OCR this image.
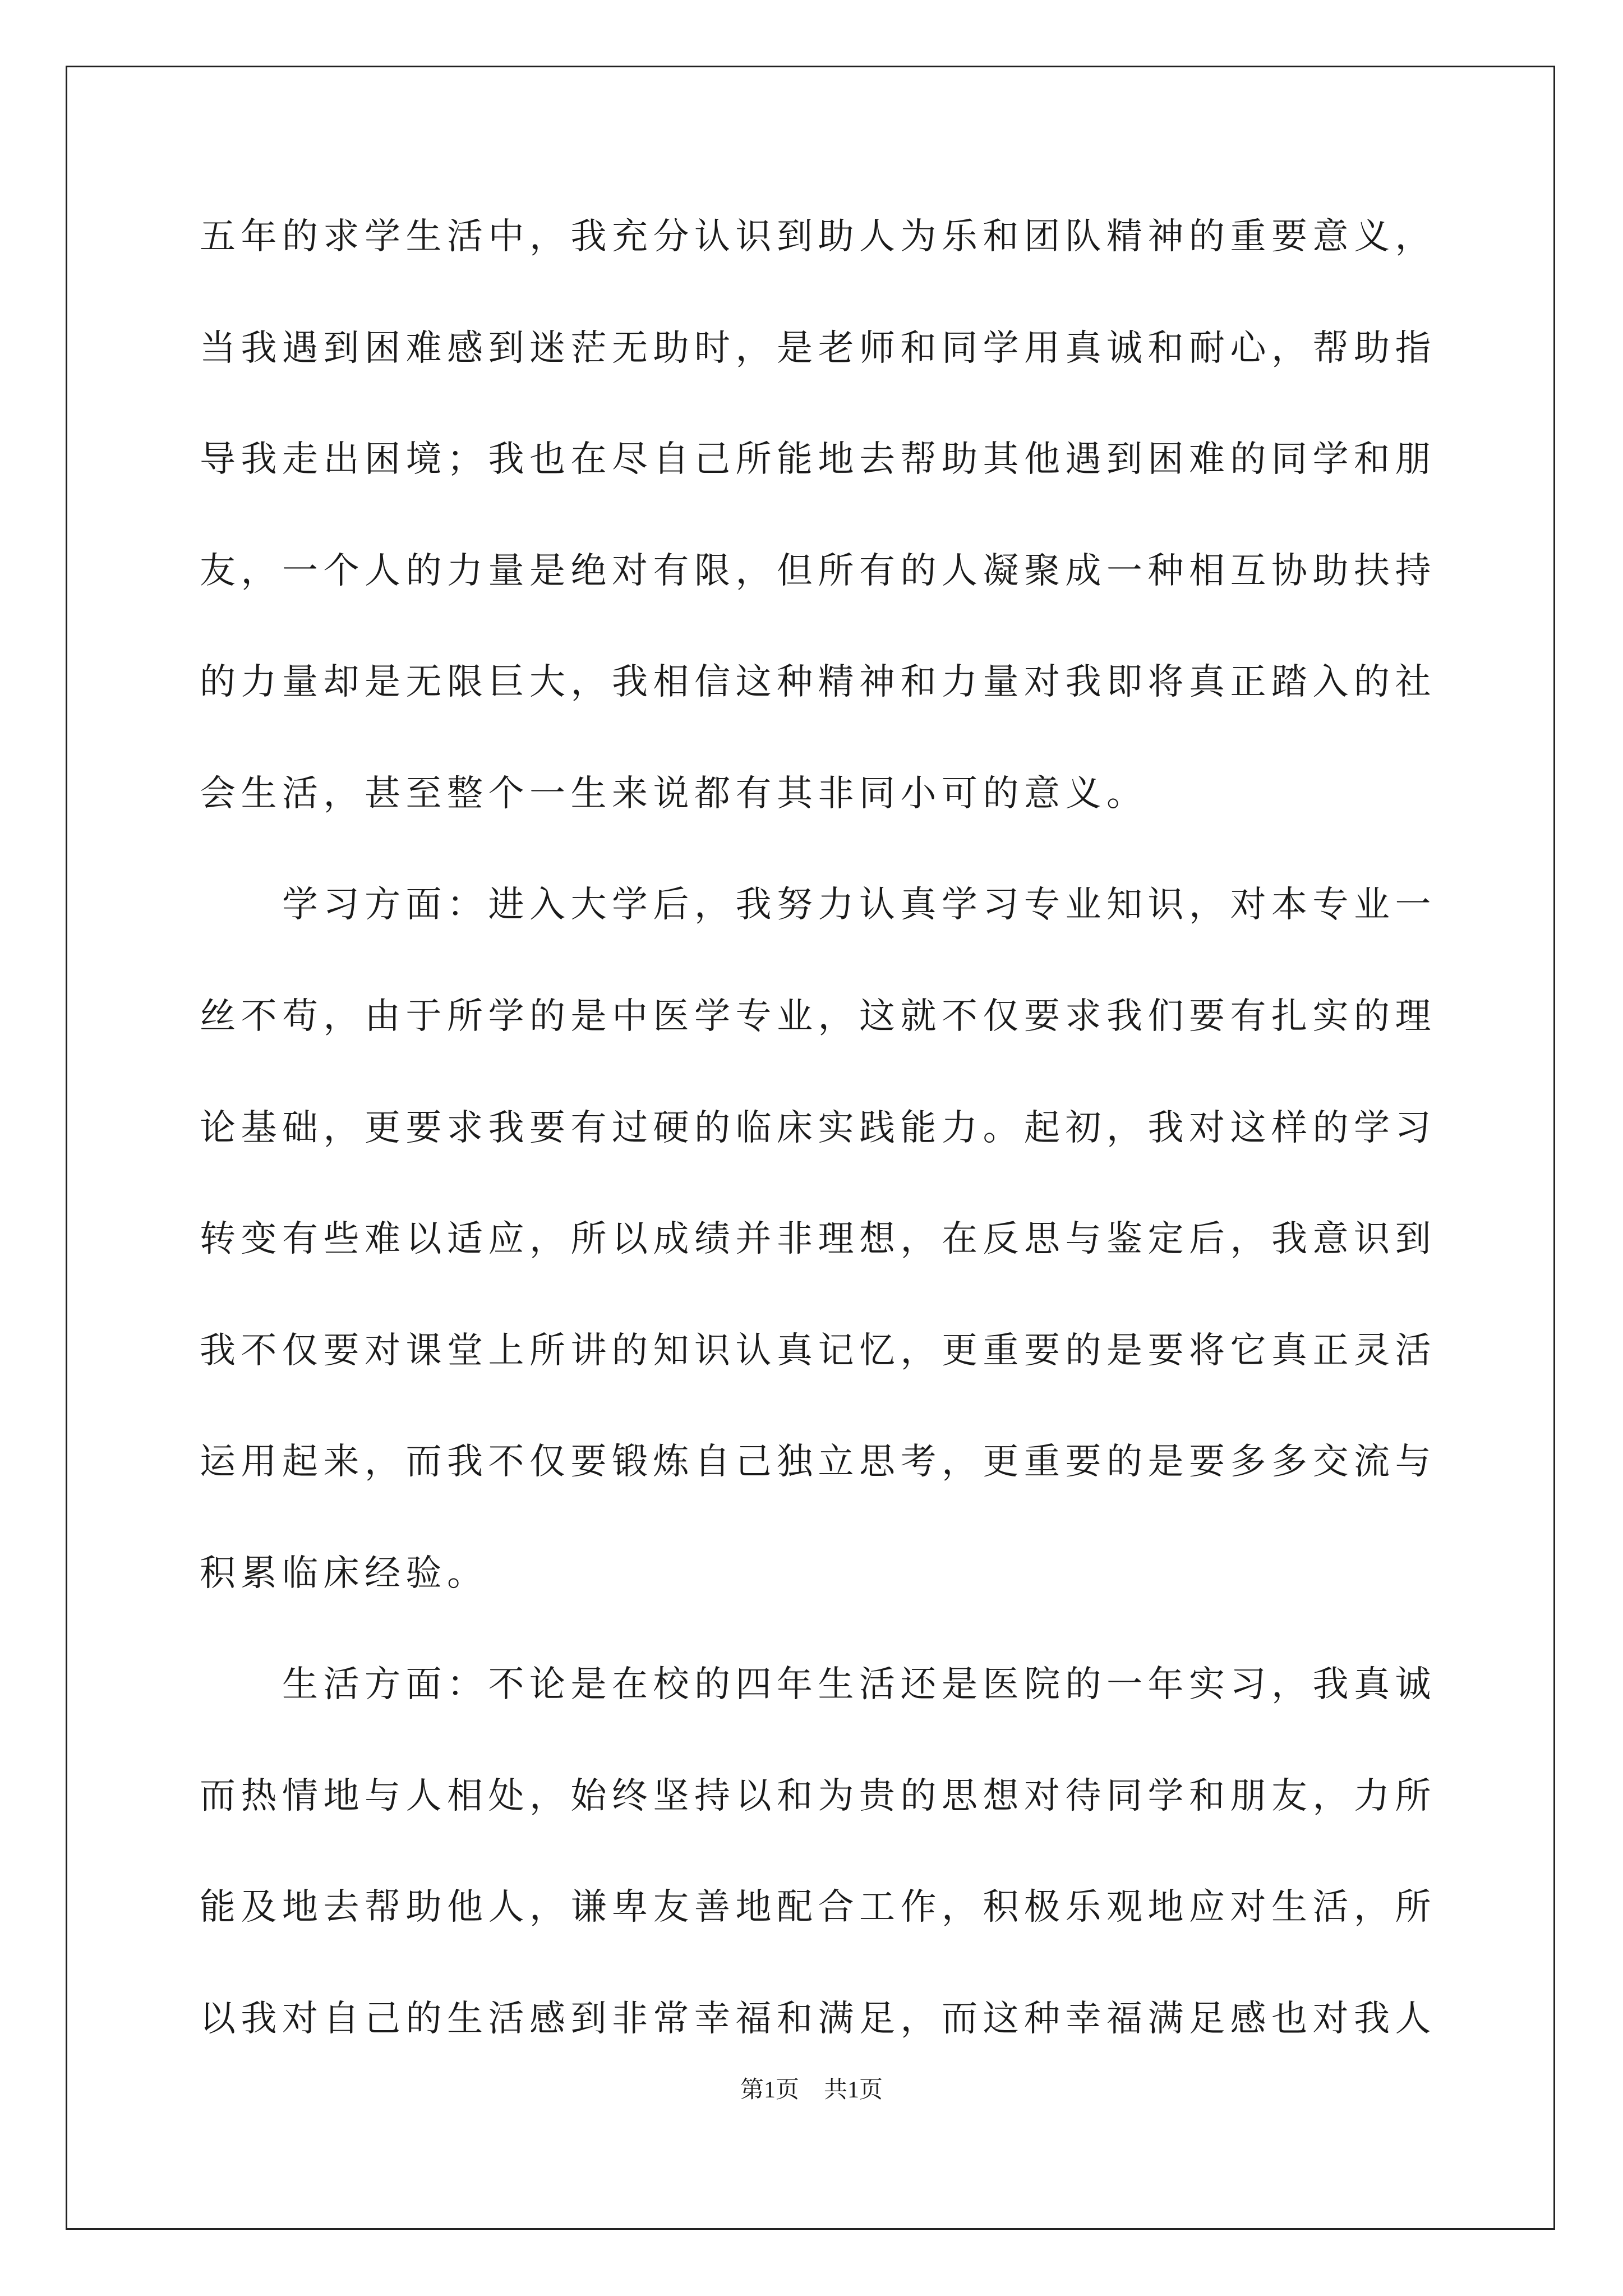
五年的求学生活中，我充分认识到助人为乐和团队精神的重要意义，
当我遇到困难感到迷茫无助时，是老师和同学用真诚和耐心，帮助指
导我走出困境；我也在尽自己所能地去帮助其他遇到困难的同学和朋
友，一个人的力量是绝对有限，但所有的人凝聚成一种相互协助扶持
的力量却是无限巨大，我相信这种精神和力量对我即将真正踏入的社
会生活，甚至整个一生来说都有其非同小可的意义。
　　学习方面：进入大学后，我努力认真学习专业知识，对本专业一
丝不苟，由于所学的是中医学专业，这就不仅要求我们要有扎实的理
论基础，更要求我要有过硬的临床实践能力。起初，我对这样的学习
转变有些难以适应，所以成绩并非理想，在反思与鉴定后，我意识到
我不仅要对课堂上所讲的知识认真记忆，更重要的是要将它真正灵活
运用起来，而我不仅要锻炼自己独立思考，更重要的是要多多交流与
积累临床经验。
　　生活方面：不论是在校的四年生活还是医院的一年实习，我真诚
而热情地与人相处，始终坚持以和为贵的思想对待同学和朋友，力所
能及地去帮助他人，谦卑友善地配合工作，积极乐观地应对生活，所
以我对自己的生活感到非常幸福和满足，而这种幸福满足感也对我人
第1页 共1页
